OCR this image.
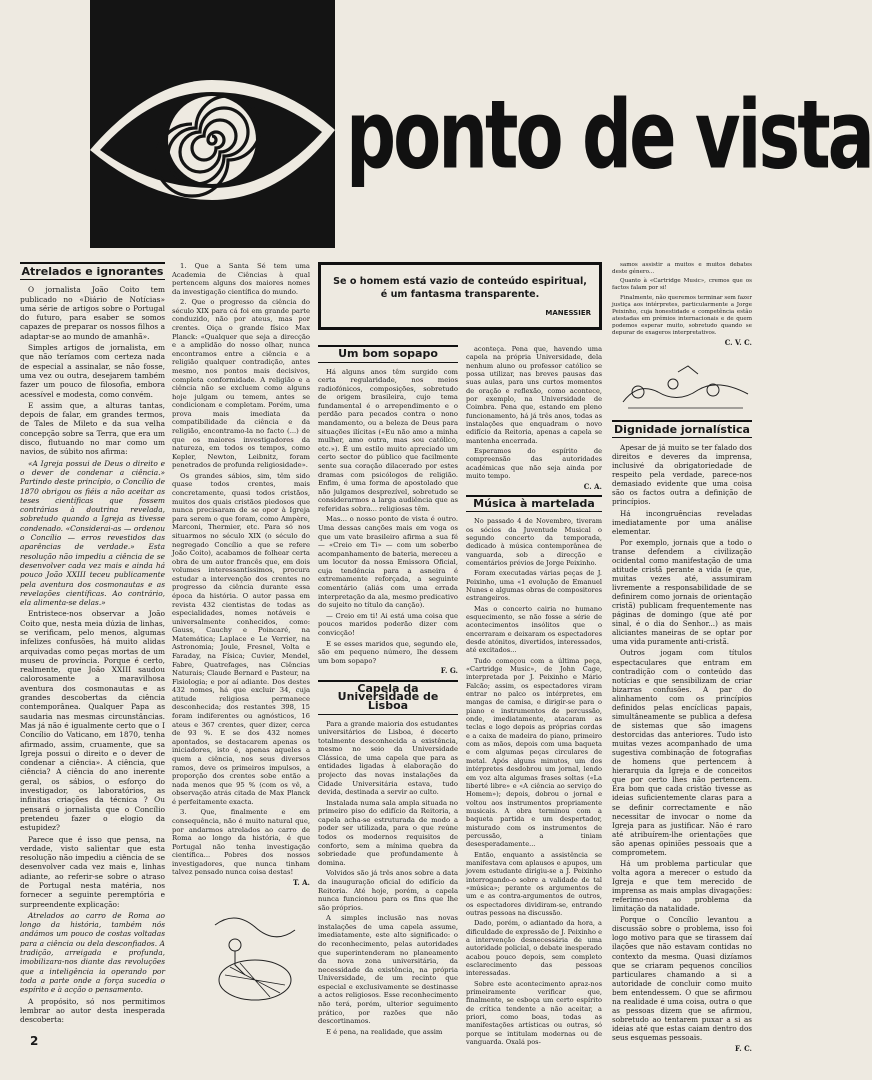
ponto de vista
Atrelados e ignorantes

O jornalista João Coito tem publicado no «Diário de Notícias» uma série de artigos sobre o Portugal do futuro, para esaber se somos capazes de preparar os nossos filhos a adaptar-se ao mundo de amanhã».

Simples artigos de jornalista, em que não teríamos com certeza nada de especial a assinalar, se não fosse, uma vez ou outra, desejarem também fazer um pouco de filosofia, embora acessível e modesta, como convém.

E assim que, a alturas tantas, depois de falar, em grandes termos, de Tales de Mileto e da sua velha concepção sobre sa Terra, que era um disco, flutuando no mar como um navios, de súbito nos afirma:

«A Igreja possui de Deus o direito e o dever de condenar a ciência.» Partindo deste princípio, o Concílio de 1870 obrigou os fiéis a não aceitar as teses científicas que fossem contrárias à doutrina revelada, sobretudo quando a Igreja as tivesse condenado. «Considerai-as — ordenou o Concílio — erros revestidos das aparências de verdade.» Esta resolução não impediu a ciência de se desenvolver cada vez mais e ainda há pouco João XXIII teceu publicamente pela aventura dos cosmonautas e as revelações científicas. Ao contrário, ela alimenta-se delas.»

Entristece-nos observar a João Coito que, nesta meia dúzia de linhas, se verificam, pelo menos, algumas infelizes confusões, há muito alidas arquivadas como peças mortas de um museu de província. Porque é certo, realmente, que João XXIII saudou calorosamente a maravilhosa aventura dos cosmonautas e as grandes descobertas da ciência contemporânea. Qualquer Papa as saudaria nas mesmas circunstâncias. Mas já não é igualmente certo que o I Concílio do Vaticano, em 1870, tenha afirmado, assim, cruamente, que sa Igreja possui o direito e o dever de condenar a ciência». A ciência, que ciência? A ciência do ano inerente geral, os sábios, o esforço do investigador, os laboratórios, as infinitas criações da técnica ? Ou pensará o jornalista que o Concílio pretendeu fazer o elogio da estupidez?

Parece que é isso que pensa, na verdade, visto salientar que esta resolução não impediu a ciência de se desenvolver cada vez mais e, linhas adiante, ao referir-se sobre o atraso de Portugal nesta matéria, nos fornecer a seguinte peremptória e surpreendente explicação:

Atrelados ao carro de Roma ao longo da história, também nós andámos um pouco de costas voltadas para a ciência ou dela desconfiados. A tradição, arreigada e profunda, imobilizara-nos diante das revoluções que a inteligência ia operando por toda a parte onde a força sucedia o espírito e à acção o pensamento.

A propósito, só nos permitimos lembrar ao autor desta inesperada descoberta:

1. Que a Santa Sé tem uma Academia de Ciências à qual pertencem alguns dos maiores nomes da investigação científica do mundo.

2. Que o progresso da ciência do século XIX para cá foi em grande parte conduzido, não por ateus, mas por crentes. Oiça o grande físico Max Planck: «Qualquer que seja a direcção e a amplidão do nosso olhar, nunca encontramos entre a ciência e a religião qualquer contradição, antes mesmo, nos pontos mais decisivos, completa conformidade. A religião e a ciência não se excluem como alguns hoje julgam ou temem, antes se condicionam e completam. Porém, uma prova mais imediata da compatibilidade da ciência e da religião, encontramo-la no facto (...) de que os maiores investigadores da natureza, em todos os tempos, como Kepler, Newton, Leibnitz, foram penetrados de profunda religiosidade».

Os grandes sábios, sim, têm sido quase todos crentes, mais concretamente, quasi todos cristãos, muitos dos quais cristãos piedosos que nunca precisaram de se opor à Igreja para serem o que foram, como Ampère, Marconi, Thermier, etc. Para só nos situarmos no século XIX (o século do negregado Concílio a que se refere João Coito), acabamos de folhear certa obra de um autor francês que, em dois volumes interessantíssimos, procura estudar a intervenção dos crentes no progresso da ciência durante essa época da história. O autor passa em revista 432 cientistas de todas as especialidades, nomes notáveis e universalmente conhecidos, como: Gauss, Cauchy e Poincaré, na Matemática; Laplace e Le Verrier, na Astronomia; Joule, Fresnel, Volta e Faraday, na Física; Cuvier, Mendel, Fabre, Quatrefages, nas Ciências Naturais; Claude Bernard e Pasteur, na Fisiologia; e por aí adiante. Dos destes 432 nomes, há que excluir 34, cuja atitude religiosa permanece desconhecida; dos restantes 398, 15 foram indiferentes ou agnósticos, 16 ateus e 367 crentes, quer dizer, cerca de 93 %. E se dos 432 nomes apontados, se destacarem apenas os iniciadores, isto é, apenas aqueles a quem a ciência, nos seus diversos ramos, deve os primeiros impulsos, a proporção dos crentes sobe então a nada menos que 95 % (com os vê, a observação atrás citada de Max Planck é perfeitamente exacta.

3. Que, finalmente e em consequência, não é muito natural que, por andarmos atrelados ao carro de Roma ao longo da história, é que Portugal não tenha investigação científica... Pobres dos nossos investigadores, que nunca tinham talvez pensado nunca coisa destas!

T. A.
Se o homem está vazio de conteúdo espiritual, é um fantasma transparente.
MANESSIER
Um bom sopapo

Há alguns anos têm surgido com certa regularidade, nos meios radiofónicos, composições, sobretudo de origem brasileira, cujo tema fundamental é o arrependimento e o perdão para pecados contra o nono mandamento, ou a beleza de Deus para situações ilícitas («Eu não amo a minha mulher, amo outra, mas sou católico, etc.»). É um estilo muito apreciado um certo sector do público que facilmente sente sua coração dilacerado por estes dramas com psicólogos de religião. Enfim, é uma forma de apostolado que não julgamos desprezível, sobretudo se considerarmos a larga audiência que as referidas sobra... religiosas têm.

Mas... o nosso ponto de vista é outro. Uma dessas canções mais em voga os que um vate brasileiro afirma a sua fé — «Creio em Ti» — com um soberbo acompanhamento de bateria, mereceu a um locutor da nossa Emissora Oficial, cuja tendência para a asneira é extremamente reforçada, a seguinte comentário (aliás com uma errada interpretação da ala, mesmo predicativo do sujeito no título da canção).

— Creio em ti! Ai está uma coisa que poucos maridos poderão dizer com convicção!

E se esses maridos que, segundo ele, são em pequeno número, lhe dessem um bom sopapo?

F. G.
Capela da Universidade de Lisboa

Para a grande maioria dos estudantes universitários de Lisboa, é decerto totalmente desconhecida a existência, mesmo no seio da Universidade Clássica, de uma capela que para as entidades ligadas à elaboração do projecto das novas instalações da Cidade Universitária estava, tudo devida, destinada a servir ao culto.

Instalada numa sala ampla situada no primeiro piso do edifício da Reitoria, a capela acha-se estruturada de modo a poder ser utilizada, para o que reúne todos os modernos requisitos de conforto, sem a mínima quebra da sobriedade que profundamente à domina.

Volvidos são já três anos sobre a data da inauguração oficial do edifício da Reitoria. Até hoje, porém, a capela nunca funcionou para os fins que lhe são próprios.

A simples inclusão nas novas instalações de uma capela assume, imediatamente, este alto significado: o do reconhecimento, pelas autoridades que superintenderam no planeamento da nova zona universitária, da necessidade da existência, na própria Universidade, de um recinto que especial e exclusivamente se destinasse a actos religiosos. Esse reconhecimento não terá, porém, ulterior seguimento prático, por razões que não descortinamos.

E é pena, na realidade, que assim

aconteça. Pena que, havendo uma capela na própria Universidade, dela nenhum aluno ou professor católico se possa utilizar, nas breves pausas das suas aulas, para uns curtos momentos de oração e reflexão, como acontece, por exemplo, na Universidade de Coimbra. Pena que, estando em pleno funcionamento, há já três anos, todas as instalações que enquadram o novo edifício da Reitoria, apenas a capela se mantenha encerrada.

Esperamos do espírito de compreensão das autoridades académicas que não seja ainda por muito tempo.

C. A.
Música à martelada

No passado 4 de Novembro, tiveram os sócios da Juventude Musical o segundo concerto da temporada, dedicado à música contemporânea de vanguarda, sob a direcção e comentários prévios de Jorge Peixinho.

Foram executadas várias peças de J. Peixinho, uma «1 evolução de Emanuel Nunes e algumas obras de compositores estrangeiros.

Mas o concerto cairia no humano esquecimento, se não fosse a série de acontecimentos insólitos que o encerraram e deixaram os espectadores desde atónitos, divertidos, interessados, até excitados...

Tudo começou com a última peça, «Cartridge Music», de John Cage, interpretada por J. Peixinho e Mário Falcão; assim, os espectadores viram entrar no palco os intérpretes, em mangas de camisa, e dirigir-se para o piano e instrumentos de percussão, onde, imediatamente, atacaram as teclas e logo depois as próprias cordas e a caixa de madeira do piano, primeiro com as mãos, depois com uma baqueta e com algumas peças circulares de metal. Após alguns minutos, um dos intérpretes desdobrou um jornal, lendo em voz alta algumas frases soltas («La liberté libre» e «A ciência ao serviço do Homem»); depois, dobrou o jornal e voltou aos instrumentos propriamente musicais. A obra terminou com a baqueta partida e um despertador, misturado com os instrumentos de percussão, a tiniam desesperadamente...

Então, enquanto a assistência se manifestava com aplausos e apupos, um jovem estudante dirigiu-se a J. Peixinho interrogando-o sobre a validade de tal «música»; perante os argumentos de um e as contra-argumentos de outros, os espectadores dividiram-se, entrando outras pessoas na discussão.

Dado, porém, o adiantado da hora, a dificuldade de expressão de J. Peixinho e a intervenção desnecessária de uma autoridade policial, o debate inesperado acabou pouco depois, sem completo esclarecimento das pessoas interessadas.

Sobre este acontecimento apraz-nos primeiramente verificar que, finalmente, se esboça um certo espírito de crítica tendente a não aceitar, a priori, como boas, todas as manifestações artísticas ou outras, só porque se intitulam modernas ou de vanguarda. Oxalá pos-

samos assistir a muitos e muitos debates deste género...

Quanto à «Cartridge Music», cremos que os factos falam por si!

Finalmente, não queremos terminar sem fazer justiça aos intérpretes, particularmente a Jorge Peixinho, cuja honestidade e competência estão atestadas em prémios internacionais e de quem podemos esperar muito, sobretudo quando se depurar de exageros interpretativos.

C. V. C.
Dignidade jornalística

Apesar de já muito se ter falado dos direitos e deveres da imprensa, inclusivé da obrigatoriedade de respeito pela verdade, parece-nos demasiado evidente que uma coisa são os factos outra a definição de princípios.

Há incongruências reveladas imediatamente por uma análise elementar.

Por exemplo, jornais que a todo o transe defendem a civilização ocidental como manifestação de uma atitude cristã perante a vida (e que, muitas vezes até, assumiram livremente a responsabilidade de se definirem como jornais de orientação cristã) publicam frequentemente nas páginas de domingo (que até por sinal, é o dia do Senhor...) as mais aliciantes maneiras de se optar por uma vida puramente anti-cristã.

Outros jogam com títulos espectaculares que entram em contradição com o conteúdo das notícias e que sensibilizam de criar bizarras confusões. A par do alinhamento com os princípios definidos pelas encíclicas papais, simultâneamente se publica a defesa de sistemas que são imagens destorcidas das anteriores. Tudo isto muitas vezes acompanhado de uma sugestiva combinação de fotografias de homens que pertencem à hierarquia da Igreja e de conceitos que por certo lhes não pertencem. Era bom que cada cristão tivesse as ideias suficientemente claras para a se definir correctamente e não necessitar de invocar o nome da Igreja para as justificar. Não é raro até atribuírem-lhe orientações que são apenas opiniões pessoais que a comprometem.

Há um problema particular que volta agora a merecer o estudo da Igreja e que tem merecido de imprensa as mais amplas divagações: referimo-nos ao problema da limitação da natalidade.

Porque o Concílio levantou a discussão sobre o problema, isso foi logo motivo para que se tirassem daí ilações que não estavam contidas no contexto da mesma. Quasi dizíamos que se criaram pequenos concílios particulares chamando a si a autoridade de concluir como muito bem entendessem. O que se afirmou na realidade é uma coisa, outra o que as pessoas dizem que se afirmou, sobretudo ao tentarem puxar a si as ideias até que estas caiam dentro dos seus esquemas pessoais.

F. C.
2
